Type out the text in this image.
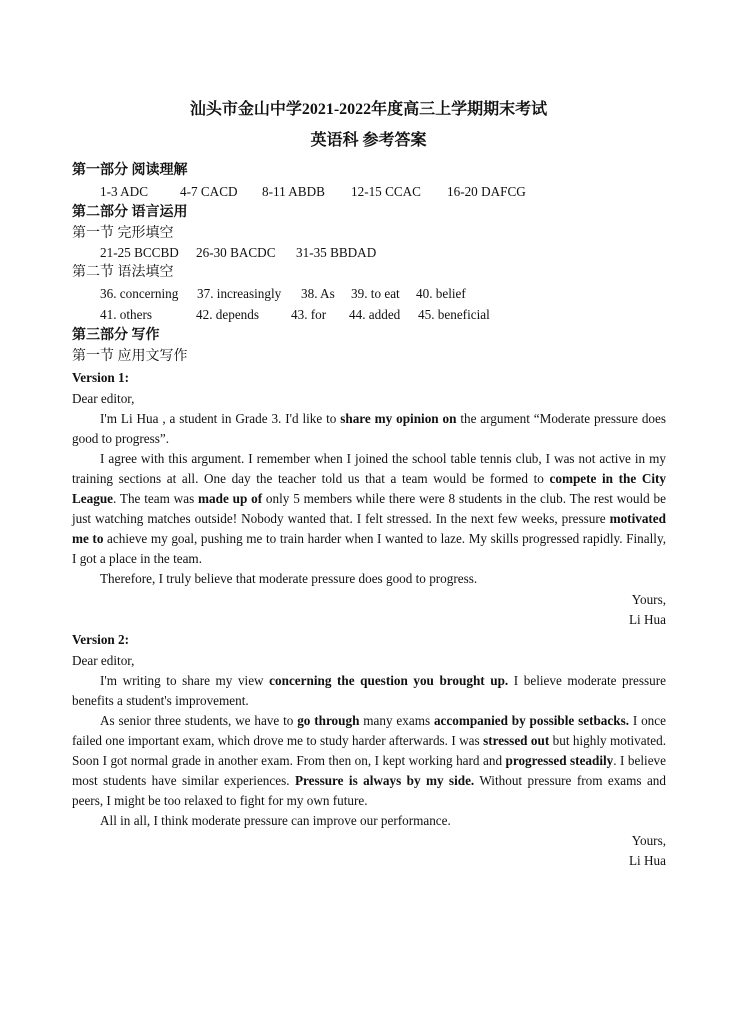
汕头市金山中学2021-2022年度高三上学期期末考试
英语科 参考答案
第一部分 阅读理解
1-3 ADC 4-7 CACD 8-11 ABDB 12-15 CCAC 16-20 DAFCG
第二部分 语言运用
第一节 完形填空
21-25 BCCBD 26-30 BACDC 31-35 BBDAD
第二节 语法填空
36. concerning 37. increasingly 38. As 39. to eat 40. belief
41. others	42. depends 43. for 44. added 45. beneficial
第三部分 写作
第一节 应用文写作
Version 1:
Dear editor,

I'm Li Hua , a student in Grade 3. I'd like to share my opinion on the argument “Moderate pressure does good to progress”.

I agree with this argument. I remember when I joined the school table tennis club, I was not active in my training sections at all. One day the teacher told us that a team would be formed to compete in the City League. The team was made up of only 5 members while there were 8 students in the club. The rest would be just watching matches outside! Nobody wanted that. I felt stressed. In the next few weeks, pressure motivated me to achieve my goal, pushing me to train harder when I wanted to laze. My skills progressed rapidly. Finally, I got a place in the team.

Therefore, I truly believe that moderate pressure does good to progress.

Yours,
Li Hua
Version 2:
Dear editor,

I'm writing to share my view concerning the question you brought up. I believe moderate pressure benefits a student's improvement.

As senior three students, we have to go through many exams accompanied by possible setbacks. I once failed one important exam, which drove me to study harder afterwards. I was stressed out but highly motivated. Soon I got normal grade in another exam. From then on, I kept working hard and progressed steadily. I believe most students have similar experiences. Pressure is always by my side. Without pressure from exams and peers, I might be too relaxed to fight for my own future.

All in all, I think moderate pressure can improve our performance.

Yours,
Li Hua
